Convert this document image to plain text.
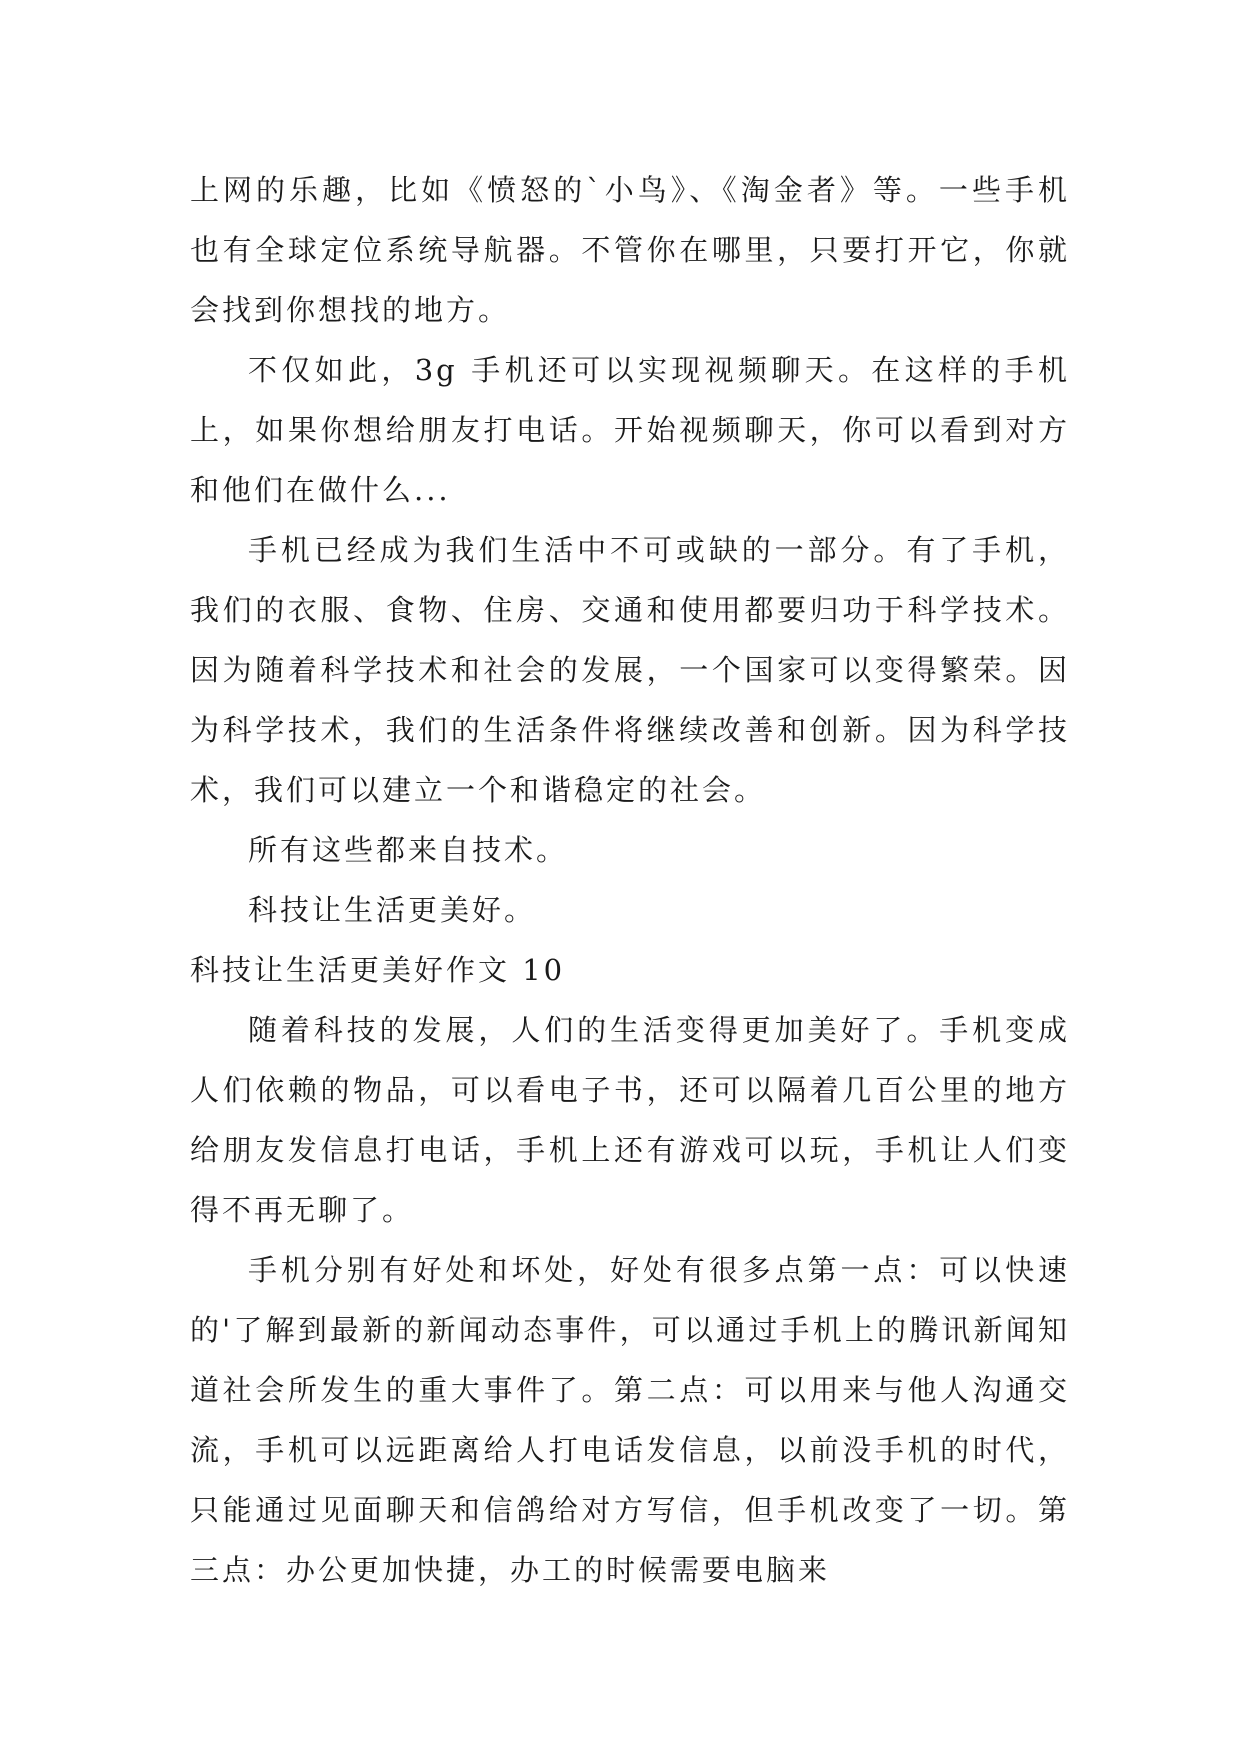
上网的乐趣，比如《愤怒的`小鸟》、《淘金者》等。一些手机也有全球定位系统导航器。不管你在哪里，只要打开它，你就会找到你想找的地方。

不仅如此，3g 手机还可以实现视频聊天。在这样的手机上，如果你想给朋友打电话。开始视频聊天，你可以看到对方和他们在做什么...

手机已经成为我们生活中不可或缺的一部分。有了手机，我们的衣服、食物、住房、交通和使用都要归功于科学技术。因为随着科学技术和社会的发展，一个国家可以变得繁荣。因为科学技术，我们的生活条件将继续改善和创新。因为科学技术，我们可以建立一个和谐稳定的社会。

所有这些都来自技术。

科技让生活更美好。

科技让生活更美好作文 10

随着科技的发展，人们的生活变得更加美好了。手机变成人们依赖的物品，可以看电子书，还可以隔着几百公里的地方给朋友发信息打电话，手机上还有游戏可以玩，手机让人们变得不再无聊了。

手机分别有好处和坏处，好处有很多点第一点：可以快速的'了解到最新的新闻动态事件，可以通过手机上的腾讯新闻知道社会所发生的重大事件了。第二点：可以用来与他人沟通交流，手机可以远距离给人打电话发信息，以前没手机的时代，只能通过见面聊天和信鸽给对方写信，但手机改变了一切。第三点：办公更加快捷，办工的时候需要电脑来
